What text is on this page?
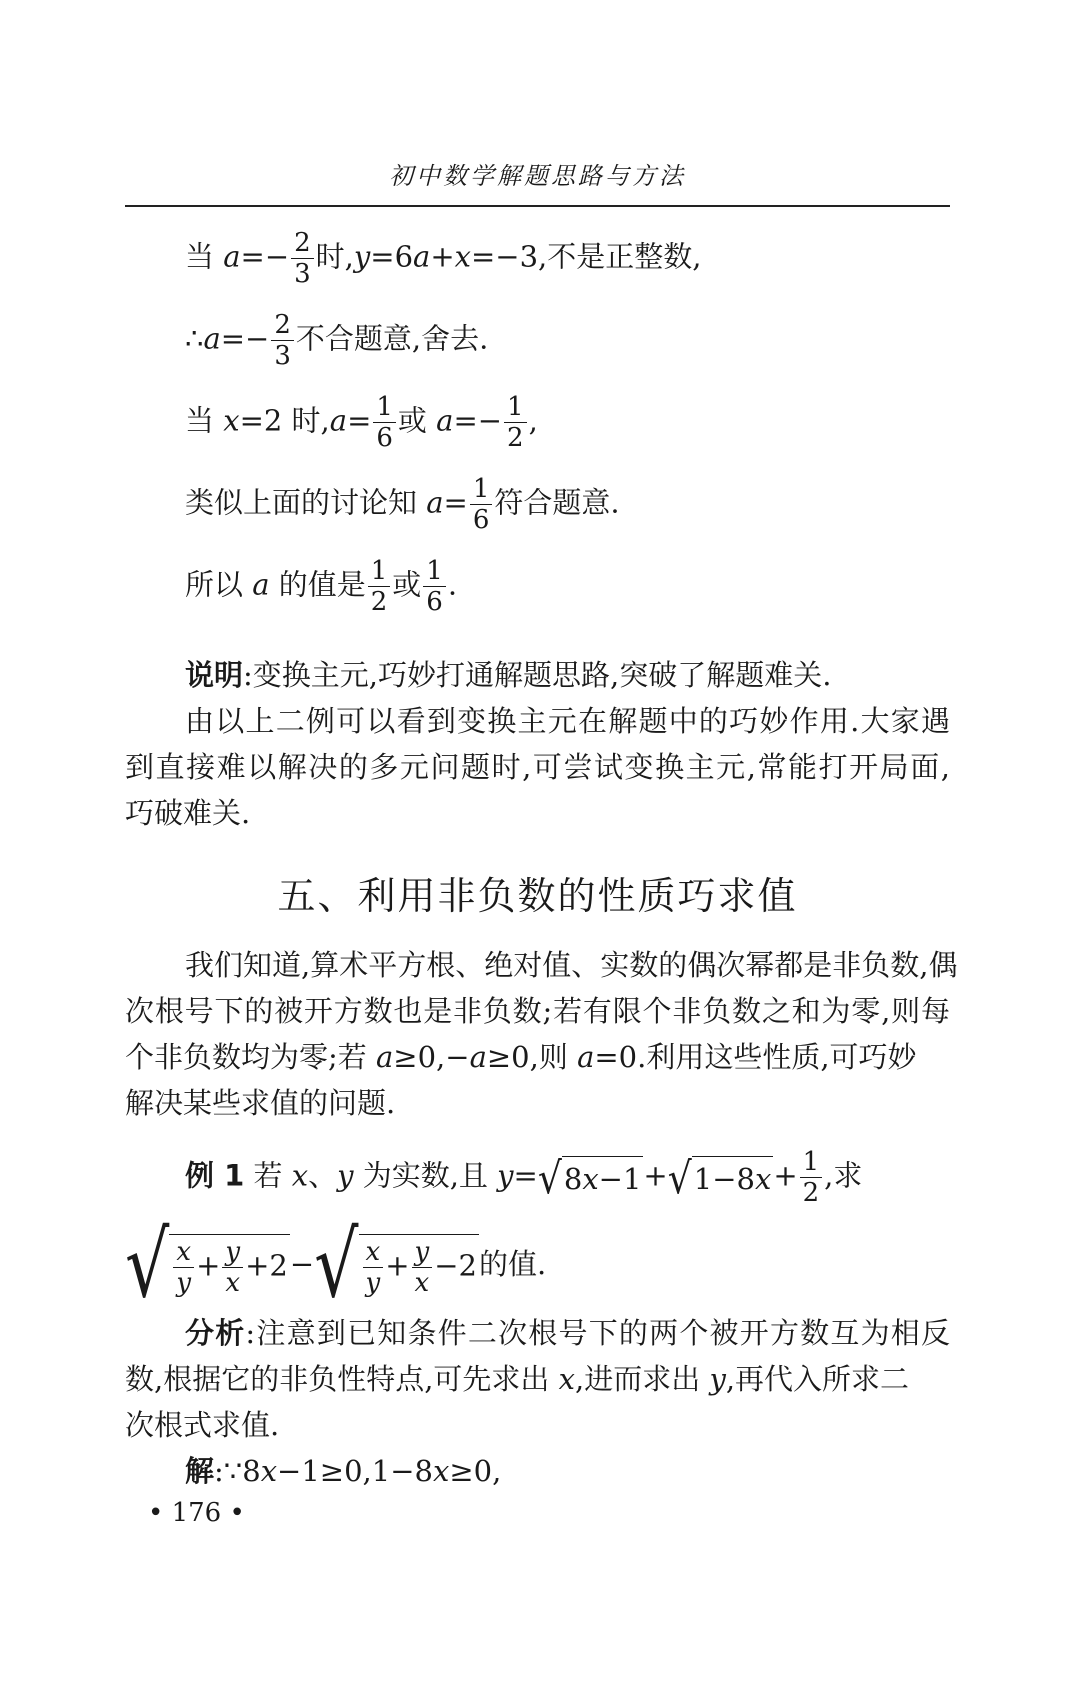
初中数学解题思路与方法
当 $a=- \frac{2}{3}$ 时,y=6a+x=−3,不是正整数,
∴a=− $\frac{2}{3}$ 不合题意,舍去.
当 x=2 时$,a= \frac{1}{6}$ 或 $a=- \frac{1}{2}$ ,
类似上面的讨论知 $a= \frac{1}{6}$ 符合题意.
所以 a 的值是 $\frac{1}{2}$ 或 $\frac{1}{6}$ .
说明:变换主元,巧妙打通解题思路,突破了解题难关.
由以上二例可以看到变换主元在解题中的巧妙作用.大家遇
到直接难以解决的多元问题时,可尝试变换主元,常能打开局面,
巧破难关.
五、利用非负数的性质巧求值
我们知道,算术平方根、绝对值、实数的偶次幂都是非负数,偶
次根号下的被开方数也是非负数;若有限个非负数之和为零,则每
个非负数均为零;若 a≥0,−a≥0,则 a=0.利用这些性质,可巧妙
解决某些求值的问题.
例 1 若 x、y 为实数,且 $y=√8x-1+√1-8x+ \frac{1}{2}$ ,求
√ $\frac{x}{y} + \frac{y}{x} +2-√ \frac{x}{y} + \frac{y}{x} -2$的值.
分析:注意到已知条件二次根号下的两个被开方数互为相反
数,根据它的非负性特点,可先求出 x,进而求出 y,再代入所求二
次根式求值.
解:∵8x−1≥0,1−8x≥0,
• 176 •
